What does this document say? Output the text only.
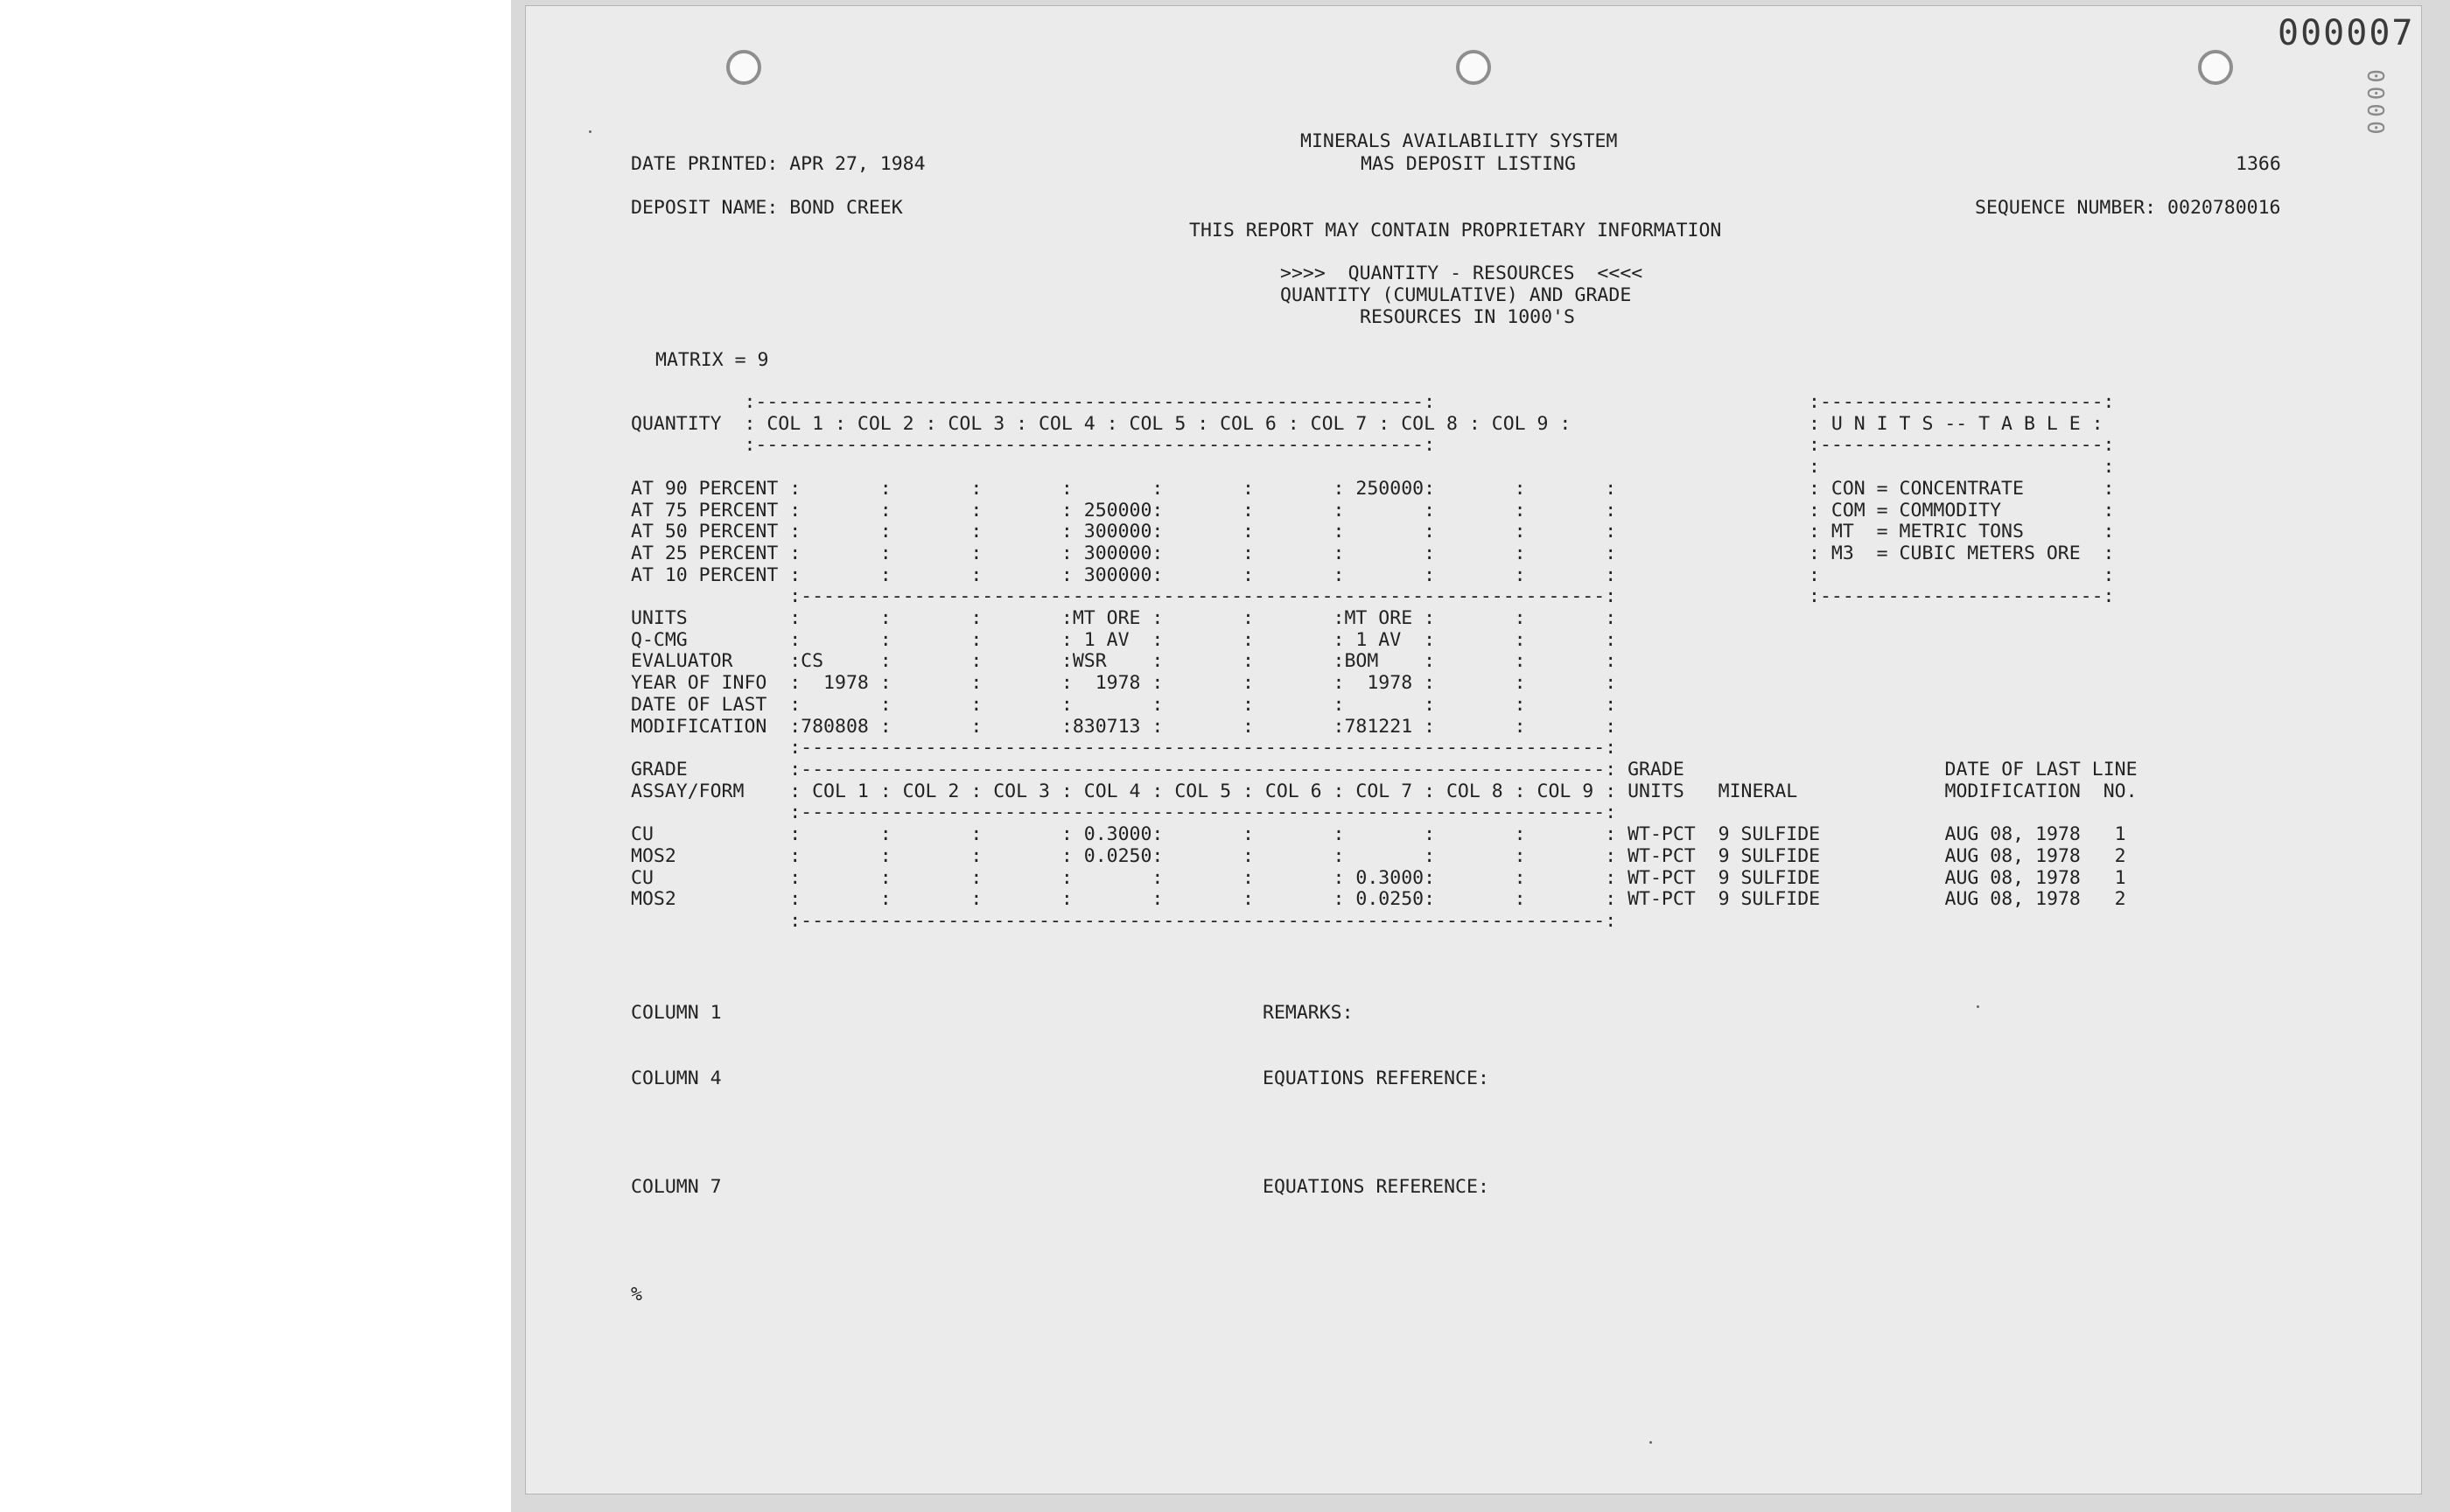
000007
0000
MINERALS AVAILABILITY SYSTEM
DATE PRINTED: APR 27, 1984	MAS DEPOSIT LISTING	1366
DEPOSIT NAME: BOND CREEK	SEQUENCE NUMBER: 0020780016
THIS REPORT MAY CONTAIN PROPRIETARY INFORMATION
>>>>  QUANTITY - RESOURCES  <<<<
QUANTITY (CUMULATIVE) AND GRADE
RESOURCES IN 1000'S
MATRIX = 9
:-----------------------------------------------------------:
QUANTITY  : COL 1 : COL 2 : COL 3 : COL 4 : COL 5 : COL 6 : COL 7 : COL 8 : COL 9 :
:-----------------------------------------------------------:
AT 90 PERCENT :       :       :       :       :       :       : 250000:       :       :
AT 75 PERCENT :       :       :       : 250000:       :       :       :       :       :
AT 50 PERCENT :       :       :       : 300000:       :       :       :       :       :
AT 25 PERCENT :       :       :       : 300000:       :       :       :       :       :
AT 10 PERCENT :       :       :       : 300000:       :       :       :       :       :
:-----------------------------------------------------------------------:
UNITS         :       :       :       :MT ORE :       :       :MT ORE :       :       :
Q-CMG         :       :       :       : 1 AV  :       :       : 1 AV  :       :       :
EVALUATOR     :CS     :       :       :WSR    :       :       :BOM    :       :       :
YEAR OF INFO  :  1978 :       :       :  1978 :       :       :  1978 :       :       :
DATE OF LAST  :       :       :       :       :       :       :       :       :       :
MODIFICATION  :780808 :       :       :830713 :       :       :781221 :       :       :
:-----------------------------------------------------------------------:
:-------------------------:
: U N I T S -- T A B L E :
:-------------------------:
:                         :
: CON = CONCENTRATE       :
: COM = COMMODITY         :
: MT  = METRIC TONS       :
: M3  = CUBIC METERS ORE  :
:                         :
:-------------------------:
GRADE         :-----------------------------------------------------------------------: GRADE                       DATE OF LAST LINE
ASSAY/FORM    : COL 1 : COL 2 : COL 3 : COL 4 : COL 5 : COL 6 : COL 7 : COL 8 : COL 9 : UNITS   MINERAL             MODIFICATION  NO.
:-----------------------------------------------------------------------:
CU            :       :       :       : 0.3000:       :       :       :       :       : WT-PCT  9 SULFIDE           AUG 08, 1978   1
MOS2          :       :       :       : 0.0250:       :       :       :       :       : WT-PCT  9 SULFIDE           AUG 08, 1978   2
CU            :       :       :       :       :       :       : 0.3000:       :       : WT-PCT  9 SULFIDE           AUG 08, 1978   1
MOS2          :       :       :       :       :       :       : 0.0250:       :       : WT-PCT  9 SULFIDE           AUG 08, 1978   2
:-----------------------------------------------------------------------:
COLUMN 1	REMARKS:
COLUMN 4	EQUATIONS REFERENCE:
COLUMN 7	EQUATIONS REFERENCE:
%
